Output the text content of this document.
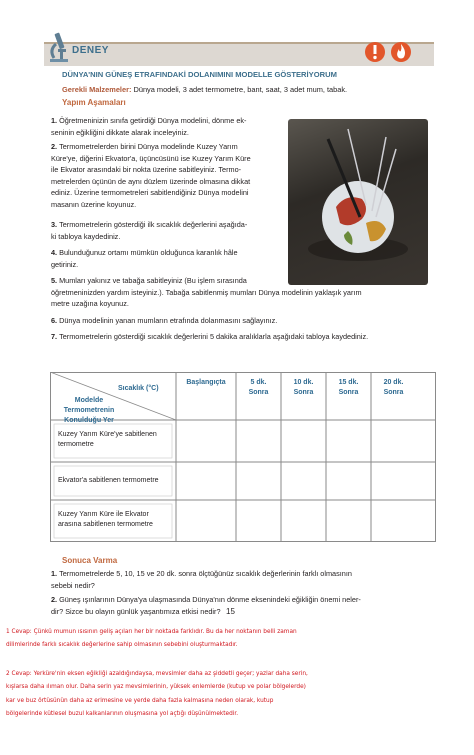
DENEY
DÜNYA'NIN GÜNEŞ ETRAFINDAKİ DOLANIMINI MODELLE GÖSTERİYORUM
Gerekli Malzemeler: Dünya modeli, 3 adet termometre, bant, saat, 3 adet mum, tabak.
Yapım Aşamaları
1. Öğretmeninizin sınıfa getirdiği Dünya modelini, dönme ek-
seninin eğikliğini dikkate alarak inceleyiniz.
2. Termometrelerden birini Dünya modelinde Kuzey Yarım
Küre'ye, diğerini Ekvator'a, üçüncüsünü ise Kuzey Yarım Küre
ile Ekvator arasındaki bir nokta üzerine sabitleyiniz. Termo-
metrelerden üçünün de aynı düzlem üzerinde olmasına dikkat
ediniz. Üzerine termometreleri sabitlendiğiniz Dünya modelini
masanın üzerine koyunuz.
3. Termometrelerin gösterdiği ilk sıcaklık değerlerini aşağıda-
ki tabloya kaydediniz.
4. Bulunduğunuz ortamı mümkün olduğunca karanlık hâle
getiriniz.
5. Mumları yakınız ve tabağa sabitleyiniz (Bu işlem sırasında
öğretmeninizden yardım isteyiniz.). Tabağa sabitlenmiş mumları Dünya modelinin yaklaşık yarım
metre uzağına koyunuz.
6. Dünya modelinin yanan mumların etrafında dolanmasını sağlayınız.
7. Termometrelerin gösterdiği sıcaklık değerlerini 5 dakika aralıklarla aşağıdaki tabloya kaydediniz.
Sıcaklık (°C)
Modelde
Termometrenin
Konulduğu Yer
Başlangıçta	5 dk.
Sonra
10 dk.
Sonra
15 dk.
Sonra
20 dk.
Sonra
Kuzey Yarım Küre'ye sabitlenen
termometre
Ekvator'a sabitlenen termometre
Kuzey Yarım Küre ile Ekvator
arasına sabitlenen termometre
Sonuca Varma
1. Termometrelerde 5, 10, 15 ve 20 dk. sonra ölçtüğünüz sıcaklık değerlerinin farklı olmasının
sebebi nedir?
2. Güneş ışınlarının Dünya'ya ulaşmasında Dünya'nın dönme eksenindeki eğikliğin önemi neler-
dir? Sizce bu olayın günlük yaşantımıza etkisi nedir? 15
1 Cevap: Çünkü mumun ısısının geliş açıları her bir noktada farklıdır. Bu da her noktanın belli zaman
dilimlerinde farklı sıcaklık değerlerine sahip olmasının sebebini oluşturmaktadır.
2 Cevap: Yerküre'nin eksen eğikliği azaldığındaysa, mevsimler daha az şiddetli geçer; yazlar daha serin,
kışlarsa daha ılıman olur. Daha serin yaz mevsimlerinin, yüksek enlemlerde (kutup ve polar bölgelerde)
kar ve buz örtüsünün daha az erimesine ve yerde daha fazla kalmasına neden olarak, kutup
bölgelerinde kütlesel buzul kalkanlarının oluşmasına yol açtığı düşünülmektedir.
